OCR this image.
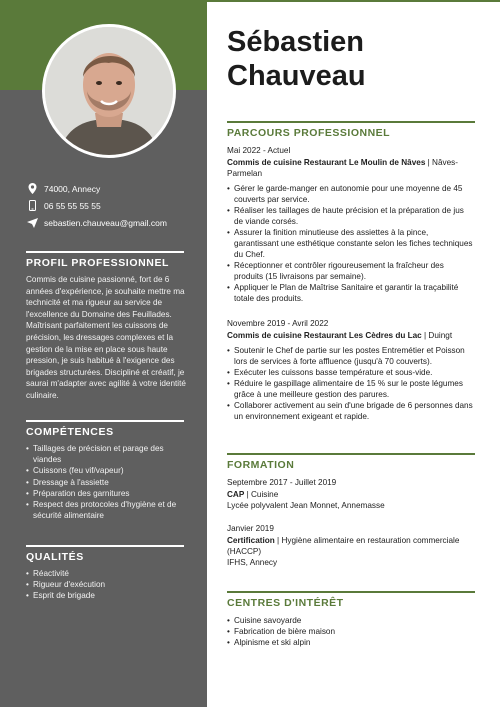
74000, Annecy
06 55 55 55 55
sebastien.chauveau@gmail.com
PROFIL PROFESSIONNEL
Commis de cuisine passionné, fort de 6 années d'expérience, je souhaite mettre ma technicité et ma rigueur au service de l'excellence du Domaine des Feuillades. Maîtrisant parfaitement les cuissons de précision, les dressages complexes et la gestion de la mise en place sous haute pression, je suis habitué à l'exigence des brigades structurées. Discipliné et créatif, je saurai m'adapter avec agilité à votre identité culinaire.
COMPÉTENCES
• Taillages de précision et parage des viandes
• Cuissons (feu vif/vapeur)
• Dressage à l'assiette
• Préparation des garnitures
• Respect des protocoles d'hygiène et de sécurité alimentaire
QUALITÉS
• Réactivité
• Rigueur d'exécution
• Esprit de brigade
Sébastien
Chauveau
PARCOURS PROFESSIONNEL
Mai 2022 - Actuel
Commis de cuisine Restaurant Le Moulin de Nâves | Nâves-Parmelan
• Gérer le garde-manger en autonomie pour une moyenne de 45 couverts par service.
• Réaliser les taillages de haute précision et la préparation de jus de viande corsés.
• Assurer la finition minutieuse des assiettes à la pince, garantissant une esthétique constante selon les fiches techniques du Chef.
• Réceptionner et contrôler rigoureusement la fraîcheur des produits (15 livraisons par semaine).
• Appliquer le Plan de Maîtrise Sanitaire et garantir la traçabilité totale des produits.
Novembre 2019 - Avril 2022
Commis de cuisine Restaurant Les Cèdres du Lac | Duingt
• Soutenir le Chef de partie sur les postes Entremétier et Poisson lors de services à forte affluence (jusqu'à 70 couverts).
• Exécuter les cuissons basse température et sous-vide.
• Réduire le gaspillage alimentaire de 15 % sur le poste légumes grâce à une meilleure gestion des parures.
• Collaborer activement au sein d'une brigade de 6 personnes dans un environnement exigeant et rapide.
FORMATION
Septembre 2017 - Juillet 2019
CAP | Cuisine
Lycée polyvalent Jean Monnet, Annemasse
Janvier 2019
Certification | Hygiène alimentaire en restauration commerciale (HACCP)
IFHS, Annecy
CENTRES D'INTÉRÊT
• Cuisine savoyarde
• Fabrication de bière maison
• Alpinisme et ski alpin
